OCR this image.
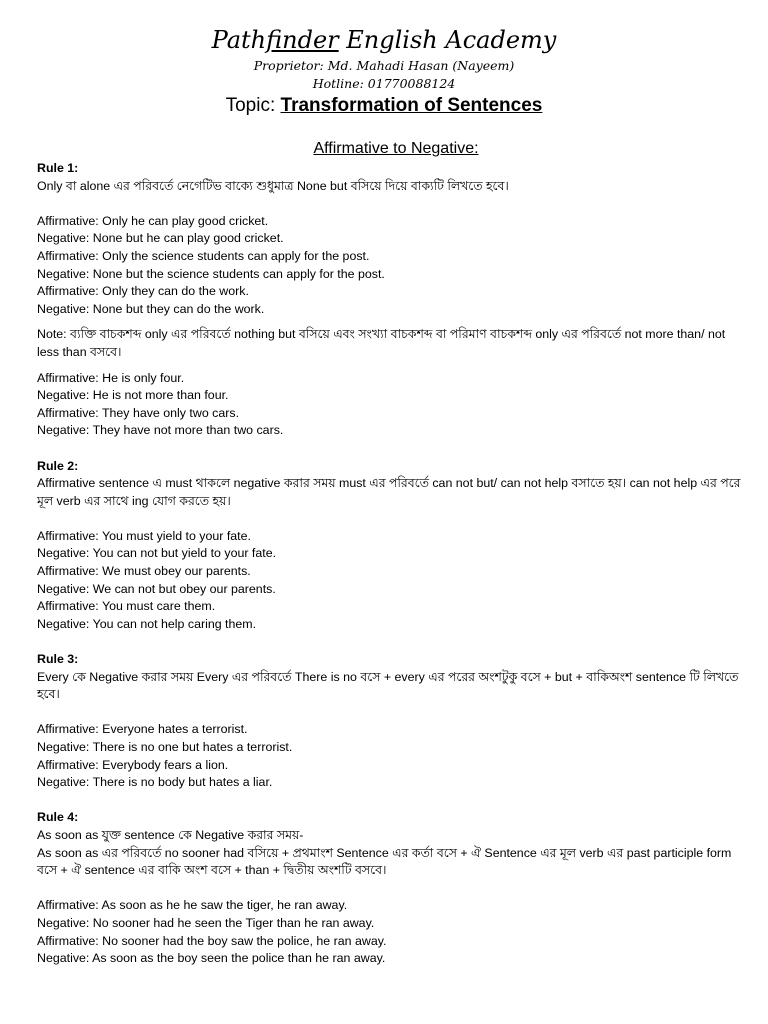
Pathfinder English Academy
Proprietor: Md. Mahadi Hasan (Nayeem)
Hotline: 01770088124
Topic: Transformation of Sentences
Affirmative to Negative:
Rule 1:
Only বা alone এর পরিবর্তে নেগেটিভ বাক্যে শুধুমাত্র None but বসিয়ে দিয়ে বাক্যটি লিখতে হবে।
Affirmative: Only he can play good cricket.
Negative: None but he can play good cricket.
Affirmative: Only the science students can apply for the post.
Negative: None but the science students can apply for the post.
Affirmative: Only they can do the work.
Negative: None but they can do the work.
Note: ব্যক্তি বাচকশব্দ only এর পরিবর্তে nothing but বসিয়ে এবং সংখ্যা বাচকশব্দ বা পরিমাণ বাচকশব্দ only এর পরিবর্তে not more than/ not less than বসবে।
Affirmative: He is only four.
Negative: He is not more than four.
Affirmative: They have only two cars.
Negative: They have not more than two cars.
Rule 2:
Affirmative sentence এ must থাকলে negative করার সময় must এর পরিবর্তে can not but/ can not help বসাতে হয়। can not help এর পরে মূল verb এর সাথে ing যোগ করতে হয়।
Affirmative: You must yield to your fate.
Negative: You can not but yield to your fate.
Affirmative: We must obey our parents.
Negative: We can not but obey our parents.
Affirmative: You must care them.
Negative: You can not help caring them.
Rule 3:
Every কে Negative করার সময় Every এর পরিবর্তে There is no বসে + every এর পরের অংশটুকু বসে + but + বাকিঅংশ sentence টি লিখতে হবে।
Affirmative: Everyone hates a terrorist.
Negative: There is no one but hates a terrorist.
Affirmative: Everybody fears a lion.
Negative: There is no body but hates a liar.
Rule 4:
As soon as যুক্ত sentence কে Negative করার সময়-
As soon as এর পরিবর্তে no sooner had বসিয়ে + প্রথমাংশ Sentence এর কর্তা বসে + ঐ Sentence এর মূল verb এর past participle form বসে + ঐ sentence এর বাকি অংশ বসে + than + দ্বিতীয় অংশটি বসবে।
Affirmative: As soon as he he saw the tiger, he ran away.
Negative: No sooner had he seen the Tiger than he ran away.
Affirmative: No sooner had the boy saw the police, he ran away.
Negative: As soon as the boy seen the police than he ran away.
